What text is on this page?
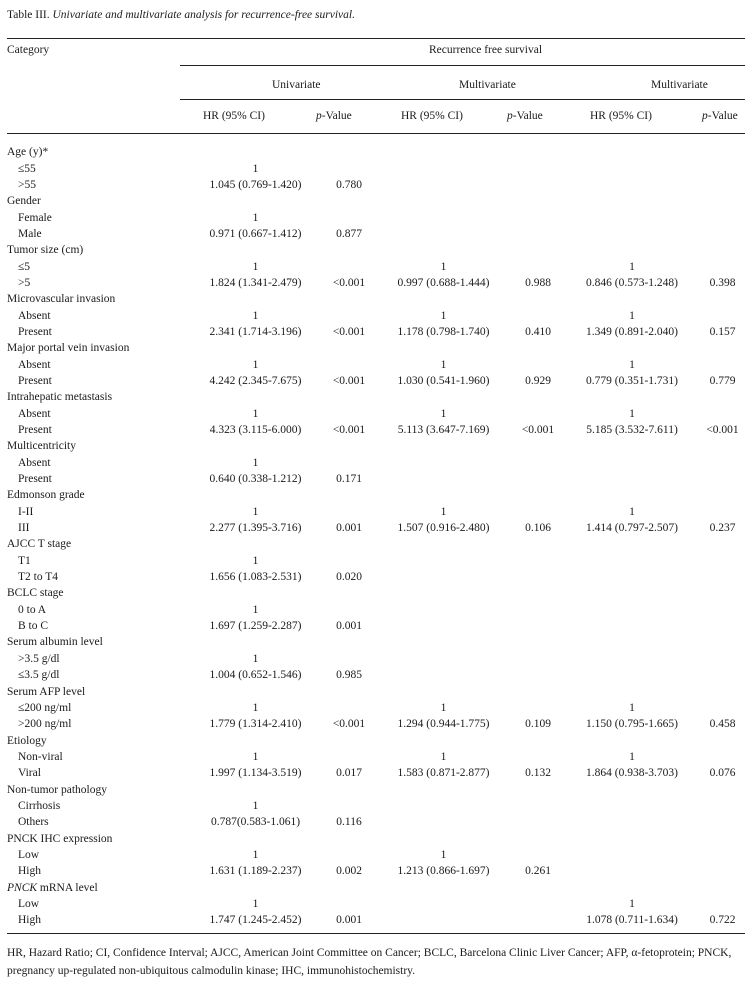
Table III. Univariate and multivariate analysis for recurrence-free survival.
Category	Recurrence free survival
Univariate	Multivariate	Multivariate
HR (95% CI)	p-Value	HR (95% CI)	p-Value	HR (95% CI)	p-Value
Age (y)*						
≤55	1					
>55	1.045 (0.769-1.420)	0.780				
Gender						
Female	1					
Male	0.971 (0.667-1.412)	0.877				
Tumor size (cm)						
≤5	1		1		1	
>5	1.824 (1.341-2.479)	<0.001	0.997 (0.688-1.444)	0.988	0.846 (0.573-1.248)	0.398
Microvascular invasion						
Absent	1		1		1	
Present	2.341 (1.714-3.196)	<0.001	1.178 (0.798-1.740)	0.410	1.349 (0.891-2.040)	0.157
Major portal vein invasion						
Absent	1		1		1	
Present	4.242 (2.345-7.675)	<0.001	1.030 (0.541-1.960)	0.929	0.779 (0.351-1.731)	0.779
Intrahepatic metastasis						
Absent	1		1		1	
Present	4.323 (3.115-6.000)	<0.001	5.113 (3.647-7.169)	<0.001	5.185 (3.532-7.611)	<0.001
Multicentricity						
Absent	1					
Present	0.640 (0.338-1.212)	0.171				
Edmonson grade						
I-II	1		1		1	
III	2.277 (1.395-3.716)	0.001	1.507 (0.916-2.480)	0.106	1.414 (0.797-2.507)	0.237
AJCC T stage						
T1	1					
T2 to T4	1.656 (1.083-2.531)	0.020				
BCLC stage						
0 to A	1					
B to C	1.697 (1.259-2.287)	0.001				
Serum albumin level						
>3.5 g/dl	1					
≤3.5 g/dl	1.004 (0.652-1.546)	0.985				
Serum AFP level						
≤200 ng/ml	1		1		1	
>200 ng/ml	1.779 (1.314-2.410)	<0.001	1.294 (0.944-1.775)	0.109	1.150 (0.795-1.665)	0.458
Etiology						
Non-viral	1		1		1	
Viral	1.997 (1.134-3.519)	0.017	1.583 (0.871-2.877)	0.132	1.864 (0.938-3.703)	0.076
Non-tumor pathology						
Cirrhosis	1					
Others	0.787(0.583-1.061)	0.116				
PNCK IHC expression						
Low	1		1			
High	1.631 (1.189-2.237)	0.002	1.213 (0.866-1.697)	0.261		
PNCK mRNA level						
Low	1				1	
High	1.747 (1.245-2.452)	0.001			1.078 (0.711-1.634)	0.722
HR, Hazard Ratio; CI, Confidence Interval; AJCC, American Joint Committee on Cancer; BCLC, Barcelona Clinic Liver Cancer; AFP, α-fetoprotein; PNCK, pregnancy up-regulated non-ubiquitous calmodulin kinase; IHC, immunohistochemistry.
